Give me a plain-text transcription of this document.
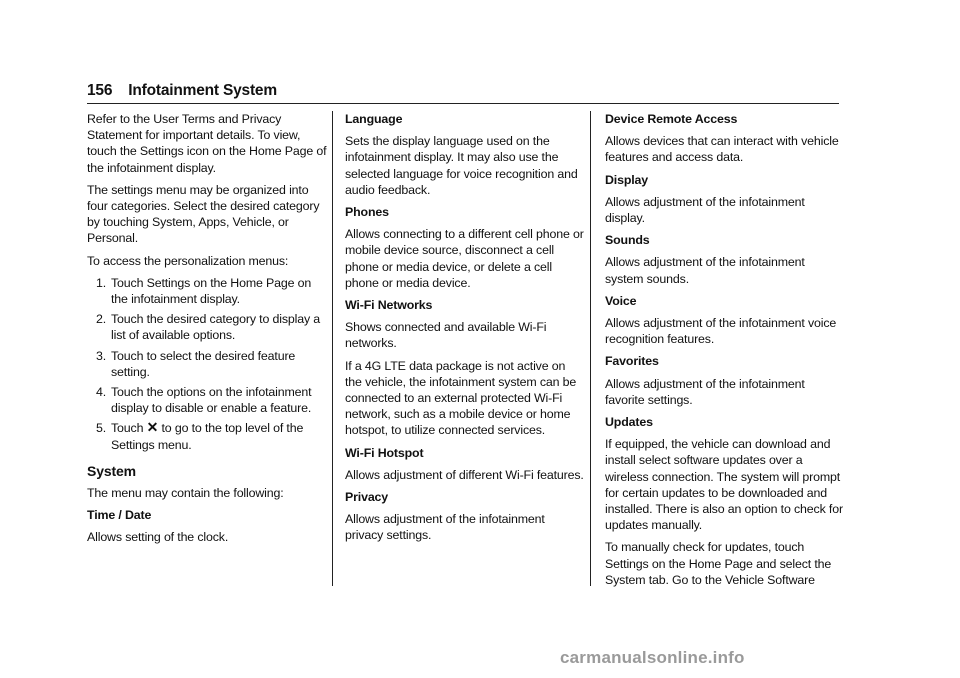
156 Infotainment System

Refer to the User Terms and Privacy Statement for important details. To view, touch the Settings icon on the Home Page of the infotainment display.

The settings menu may be organized into four categories. Select the desired category by touching System, Apps, Vehicle, or Personal.

To access the personalization menus:

1. Touch Settings on the Home Page on the infotainment display.
2. Touch the desired category to display a list of available options.
3. Touch to select the desired feature setting.
4. Touch the options on the infotainment display to disable or enable a feature.
5. Touch ✕ to go to the top level of the Settings menu.
System

The menu may contain the following:

Time / Date

Allows setting of the clock.

Language

Sets the display language used on the infotainment display. It may also use the selected language for voice recognition and audio feedback.

Phones

Allows connecting to a different cell phone or mobile device source, disconnect a cell phone or media device, or delete a cell phone or media device.

Wi-Fi Networks

Shows connected and available Wi-Fi networks.

If a 4G LTE data package is not active on the vehicle, the infotainment system can be connected to an external protected Wi-Fi network, such as a mobile device or home hotspot, to utilize connected services.

Wi-Fi Hotspot

Allows adjustment of different Wi-Fi features.

Privacy

Allows adjustment of the infotainment privacy settings.

Device Remote Access

Allows devices that can interact with vehicle features and access data.

Display

Allows adjustment of the infotainment display.

Sounds

Allows adjustment of the infotainment system sounds.

Voice

Allows adjustment of the infotainment voice recognition features.

Favorites

Allows adjustment of the infotainment favorite settings.

Updates

If equipped, the vehicle can download and install select software updates over a wireless connection. The system will prompt for certain updates to be downloaded and installed. There is also an option to check for updates manually.

To manually check for updates, touch Settings on the Home Page and select the System tab. Go to the Vehicle Software

carmanualsonline.info
